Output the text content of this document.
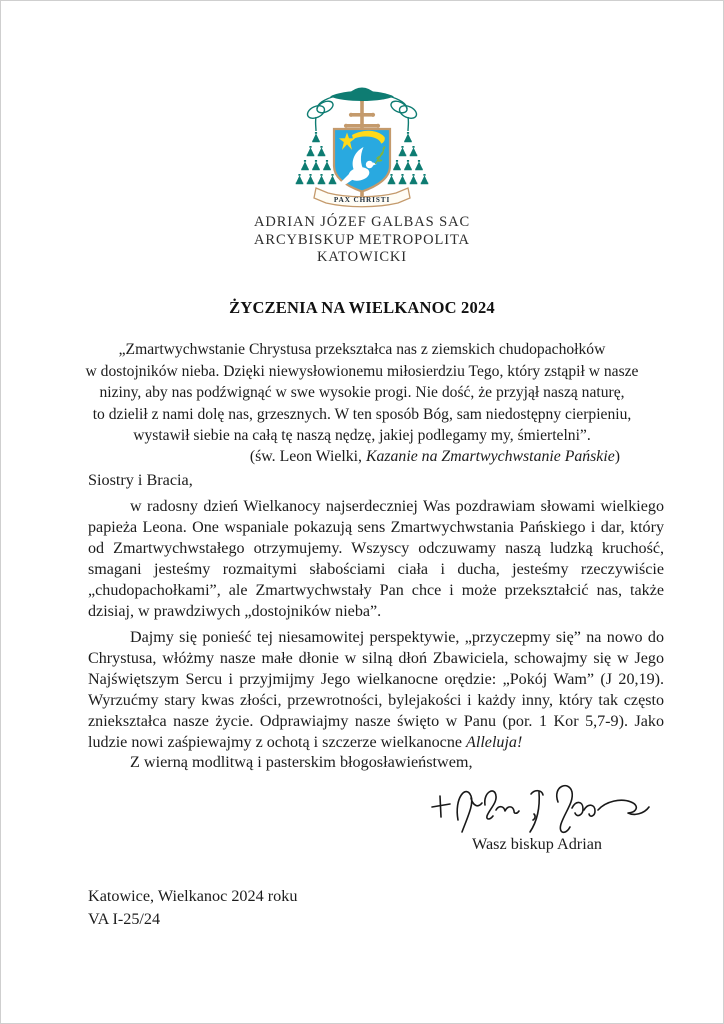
PAX CHRISTI
ADRIAN JÓZEF GALBAS SAC
ARCYBISKUP METROPOLITA
KATOWICKI
ŻYCZENIA NA WIELKANOC 2024
„Zmartwychwstanie Chrystusa przekształca nas z ziemskich chudopachołków
w dostojników nieba. Dzięki niewysłowionemu miłosierdziu Tego, który zstąpił w nasze
niziny, aby nas podźwignąć w swe wysokie progi. Nie dość, że przyjął naszą naturę,
to dzielił z nami dolę nas, grzesznych. W ten sposób Bóg, sam niedostępny cierpieniu,
wystawił siebie na całą tę naszą nędzę, jakiej podlegamy my, śmiertelni”.
(św. Leon Wielki, Kazanie na Zmartwychwstanie Pańskie)
Siostry i Bracia,

w radosny dzień Wielkanocy najserdeczniej Was pozdrawiam słowami wielkiego papieża Leona. One wspaniale pokazują sens Zmartwychwstania Pańskiego i dar, który od Zmartwychwstałego otrzymujemy. Wszyscy odczuwamy naszą ludzką kruchość, smagani jesteśmy rozmaitymi słabościami ciała i ducha, jesteśmy rzeczywiście „chudopachołkami”, ale Zmartwychwstały Pan chce i może przekształcić nas, także dzisiaj, w prawdziwych „dostojników nieba”.

Dajmy się ponieść tej niesamowitej perspektywie, „przyczepmy się” na nowo do Chrystusa, włóżmy nasze małe dłonie w silną dłoń Zbawiciela, schowajmy się w Jego Najświętszym Sercu i przyjmijmy Jego wielkanocne orędzie: „Pokój Wam” (J 20,19). Wyrzućmy stary kwas złości, przewrotności, bylejakości i każdy inny, który tak często zniekształca nasze życie. Odprawiajmy nasze święto w Panu (por. 1 Kor 5,7-9). Jako ludzie nowi zaśpiewajmy z ochotą i szczerze wielkanocne Alleluja!

Z wierną modlitwą i pasterskim błogosławieństwem,
Wasz biskup Adrian
Katowice, Wielkanoc 2024 roku
VA I-25/24
